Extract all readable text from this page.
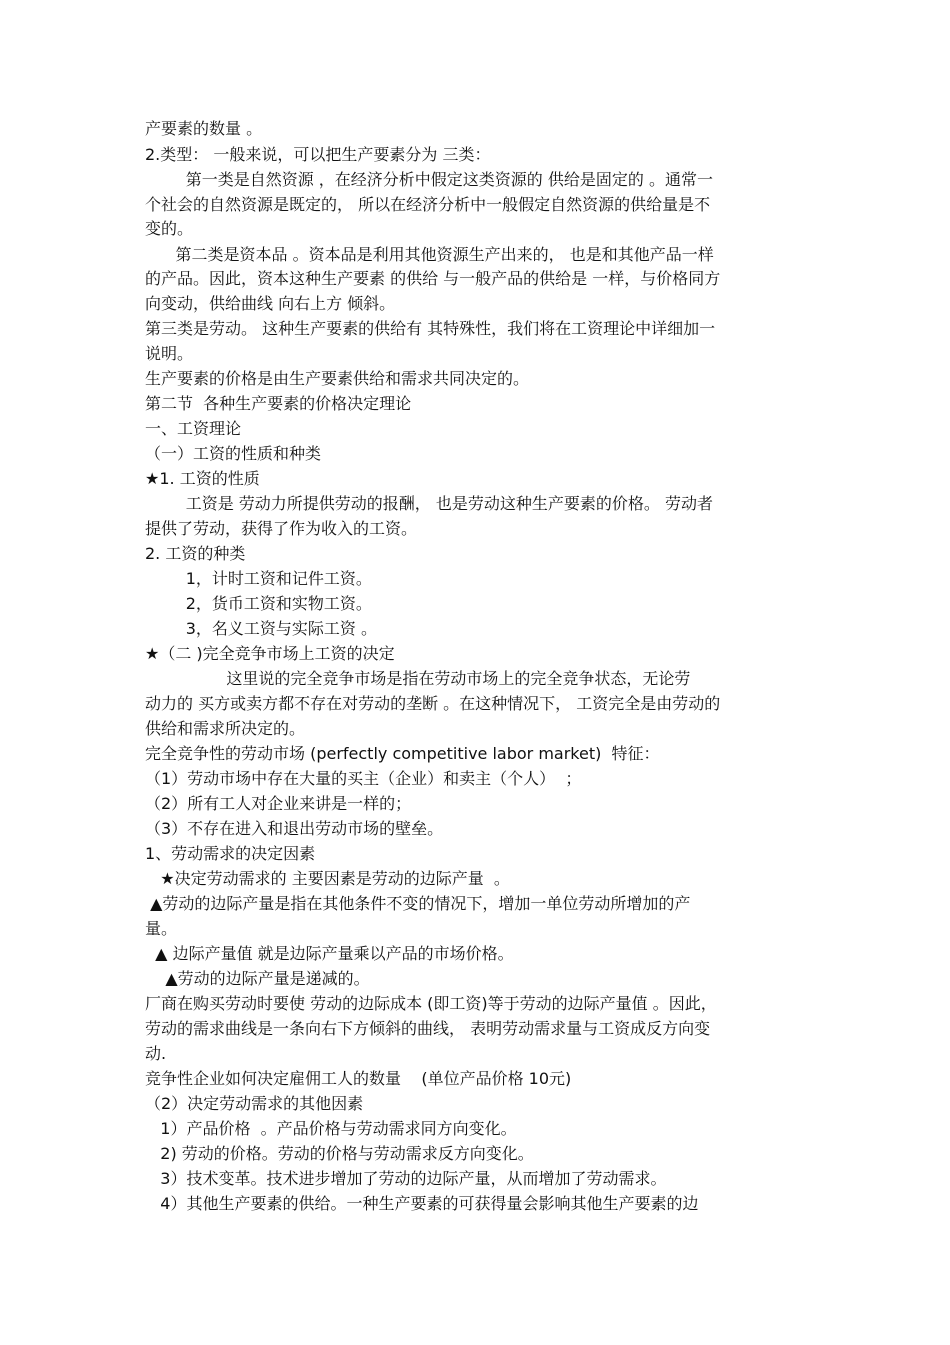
产要素的数量 。
2.类型： 一般来说，可以把生产要素分为 三类：
第一类是自然资源 ，在经济分析中假定这类资源的 供给是固定的 。通常一
个社会的自然资源是既定的， 所以在经济分析中一般假定自然资源的供给量是不
变的。
第二类是资本品 。资本品是利用其他资源生产出来的， 也是和其他产品一样
的产品。因此，资本这种生产要素 的供给 与一般产品的供给是 一样，与价格同方
向变动，供给曲线 向右上方 倾斜。
第三类是劳动。 这种生产要素的供给有 其特殊性，我们将在工资理论中详细加一
说明。
生产要素的价格是由生产要素供给和需求共同决定的。
第二节  各种生产要素的价格决定理论
一、工资理论
（一）工资的性质和种类
★1. 工资的性质
工资是 劳动力所提供劳动的报酬， 也是劳动这种生产要素的价格。 劳动者
提供了劳动，获得了作为收入的工资。
2. 工资的种类
1，计时工资和记件工资。
2，货币工资和实物工资。
3，名义工资与实际工资 。
★（二 )完全竞争市场上工资的决定
这里说的完全竞争市场是指在劳动市场上的完全竞争状态，无论劳
动力的 买方或卖方都不存在对劳动的垄断 。在这种情况下， 工资完全是由劳动的
供给和需求所决定的。
完全竞争性的劳动市场 (perfectly competitive labor market)  特征：
（1）劳动市场中存在大量的买主（企业）和卖主（个人）  ；
（2）所有工人对企业来讲是一样的；
（3）不存在进入和退出劳动市场的壁垒。
1、劳动需求的决定因素
★决定劳动需求的 主要因素是劳动的边际产量  。
▲劳动的边际产量是指在其他条件不变的情况下，增加一单位劳动所增加的产
量。
▲ 边际产量值 就是边际产量乘以产品的市场价格。
▲劳动的边际产量是递减的。
厂商在购买劳动时要使 劳动的边际成本 (即工资)等于劳动的边际产量值 。因此，
劳动的需求曲线是一条向右下方倾斜的曲线， 表明劳动需求量与工资成反方向变
动.
竞争性企业如何决定雇佣工人的数量    (单位产品价格 10元)
（2）决定劳动需求的其他因素
1）产品价格  。产品价格与劳动需求同方向变化。
2) 劳动的价格。劳动的价格与劳动需求反方向变化。
3）技术变革。技术进步增加了劳动的边际产量，从而增加了劳动需求。
4）其他生产要素的供给。一种生产要素的可获得量会影响其他生产要素的边
